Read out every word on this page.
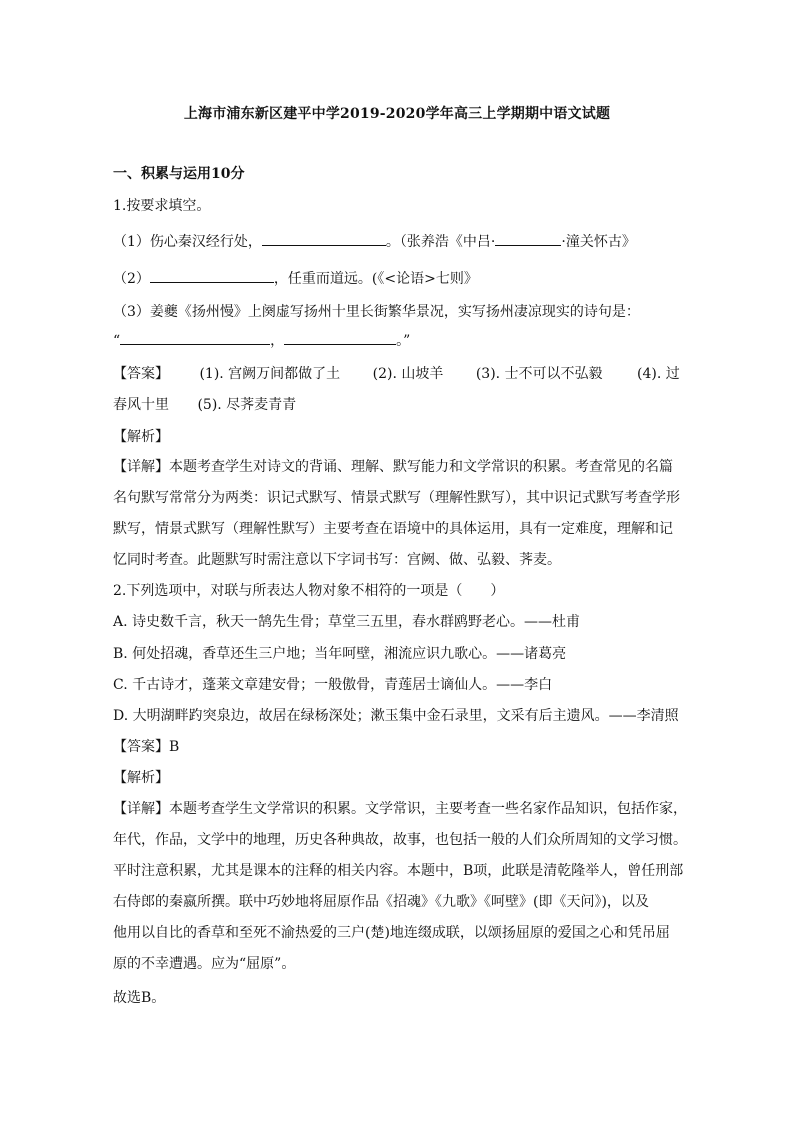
上海市浦东新区建平中学2019-2020学年高三上学期期中语文试题
一、积累与运用10分
1.按要求填空。
（1）伤心秦汉经行处，	。（张养浩《中吕·	·潼关怀古》
（2）	，任重而道远。(《<论语>七则》
（3）姜夔《扬州慢》上阕虚写扬州十里长街繁华景况，实写扬州凄凉现实的诗句是：
“	，	。”
【答案】 (1). 宫阙万间都做了土 (2). 山坡羊 (3). 士不可以不弘毅 (4). 过
春风十里 (5). 尽荠麦青青
【解析】
【详解】本题考查学生对诗文的背诵、理解、默写能力和文学常识的积累。考查常见的名篇
名句默写常常分为两类：识记式默写、情景式默写（理解性默写），其中识记式默写考查学形
默写，情景式默写（理解性默写）主要考查在语境中的具体运用，具有一定难度，理解和记
忆同时考查。此题默写时需注意以下字词书写：宫阙、做、弘毅、荠麦。
2.下列选项中，对联与所表达人物对象不相符的一项是（　　）
A. 诗史数千言，秋天一鹄先生骨；草堂三五里，春水群鸥野老心。——杜甫
B. 何处招魂，香草还生三户地；当年呵壁，湘流应识九歌心。——诸葛亮
C. 千古诗才，蓬莱文章建安骨；一般傲骨，青莲居士谪仙人。——李白
D. 大明湖畔趵突泉边，故居在绿杨深处；漱玉集中金石录里，文采有后主遗风。——李清照
【答案】B
【解析】
【详解】本题考查学生文学常识的积累。文学常识，主要考查一些名家作品知识，包括作家，
年代，作品，文学中的地理，历史各种典故，故事，也包括一般的人们众所周知的文学习惯。
平时注意积累，尤其是课本的注释的相关内容。本题中，B项，此联是清乾隆举人，曾任刑部
右侍郎的秦嬴所撰。联中巧妙地将屈原作品《招魂》《九歌》《呵壁》(即《天问》)，以及
他用以自比的香草和至死不渝热爱的三户(楚)地连缀成联，以颂扬屈原的爱国之心和凭吊屈
原的不幸遭遇。应为“屈原”。
故选B。
